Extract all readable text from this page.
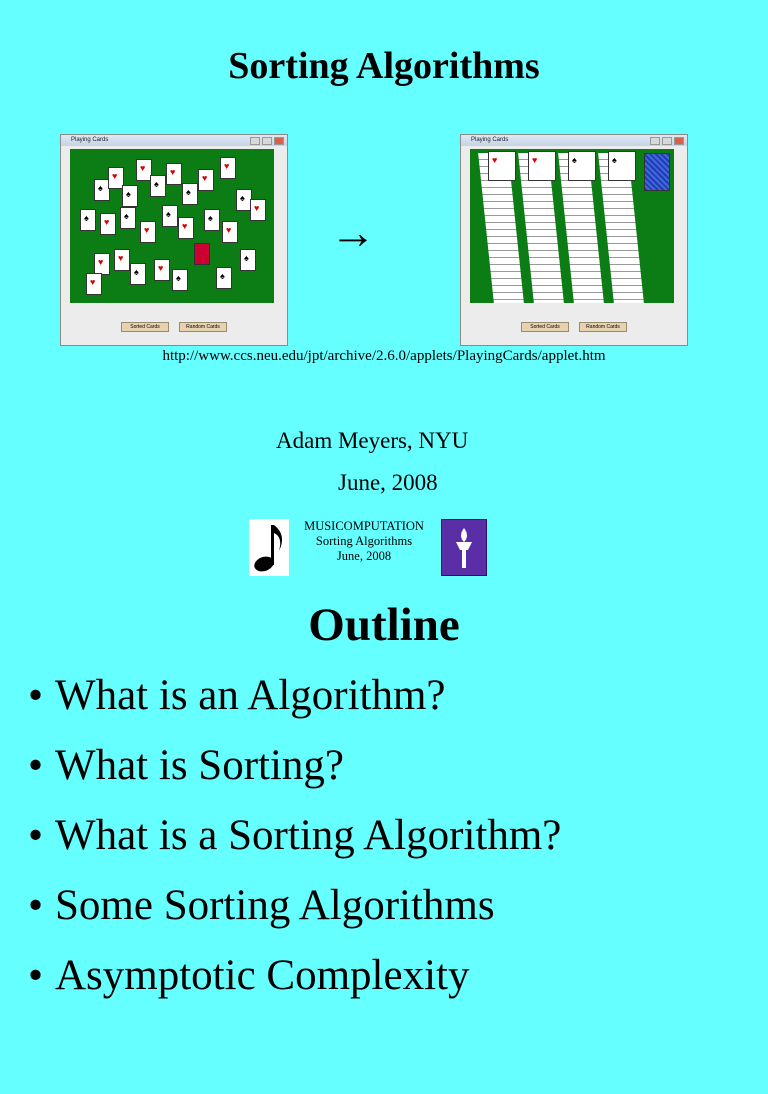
Sorting Algorithms
Playing Cards
♠
♥
♠
♥
♠
♥
♠
♥
♥
♠
♥
♠
♥
♠
♥
♠
♥
♠
♥
♠
♥
♥
♠
♥
♠
♥
♠
Sorted Cards	Random Cards
→
Playing Cards
♥
♥
♠
♠
Sorted Cards	Random Cards
http://www.ccs.neu.edu/jpt/archive/2.6.0/applets/PlayingCards/applet.htm
Adam Meyers, NYU
June, 2008
MUSICOMPUTATION
Sorting Algorithms
June, 2008
Outline
• What is an Algorithm?
• What is Sorting?
• What is a Sorting Algorithm?
• Some Sorting Algorithms
• Asymptotic Complexity
